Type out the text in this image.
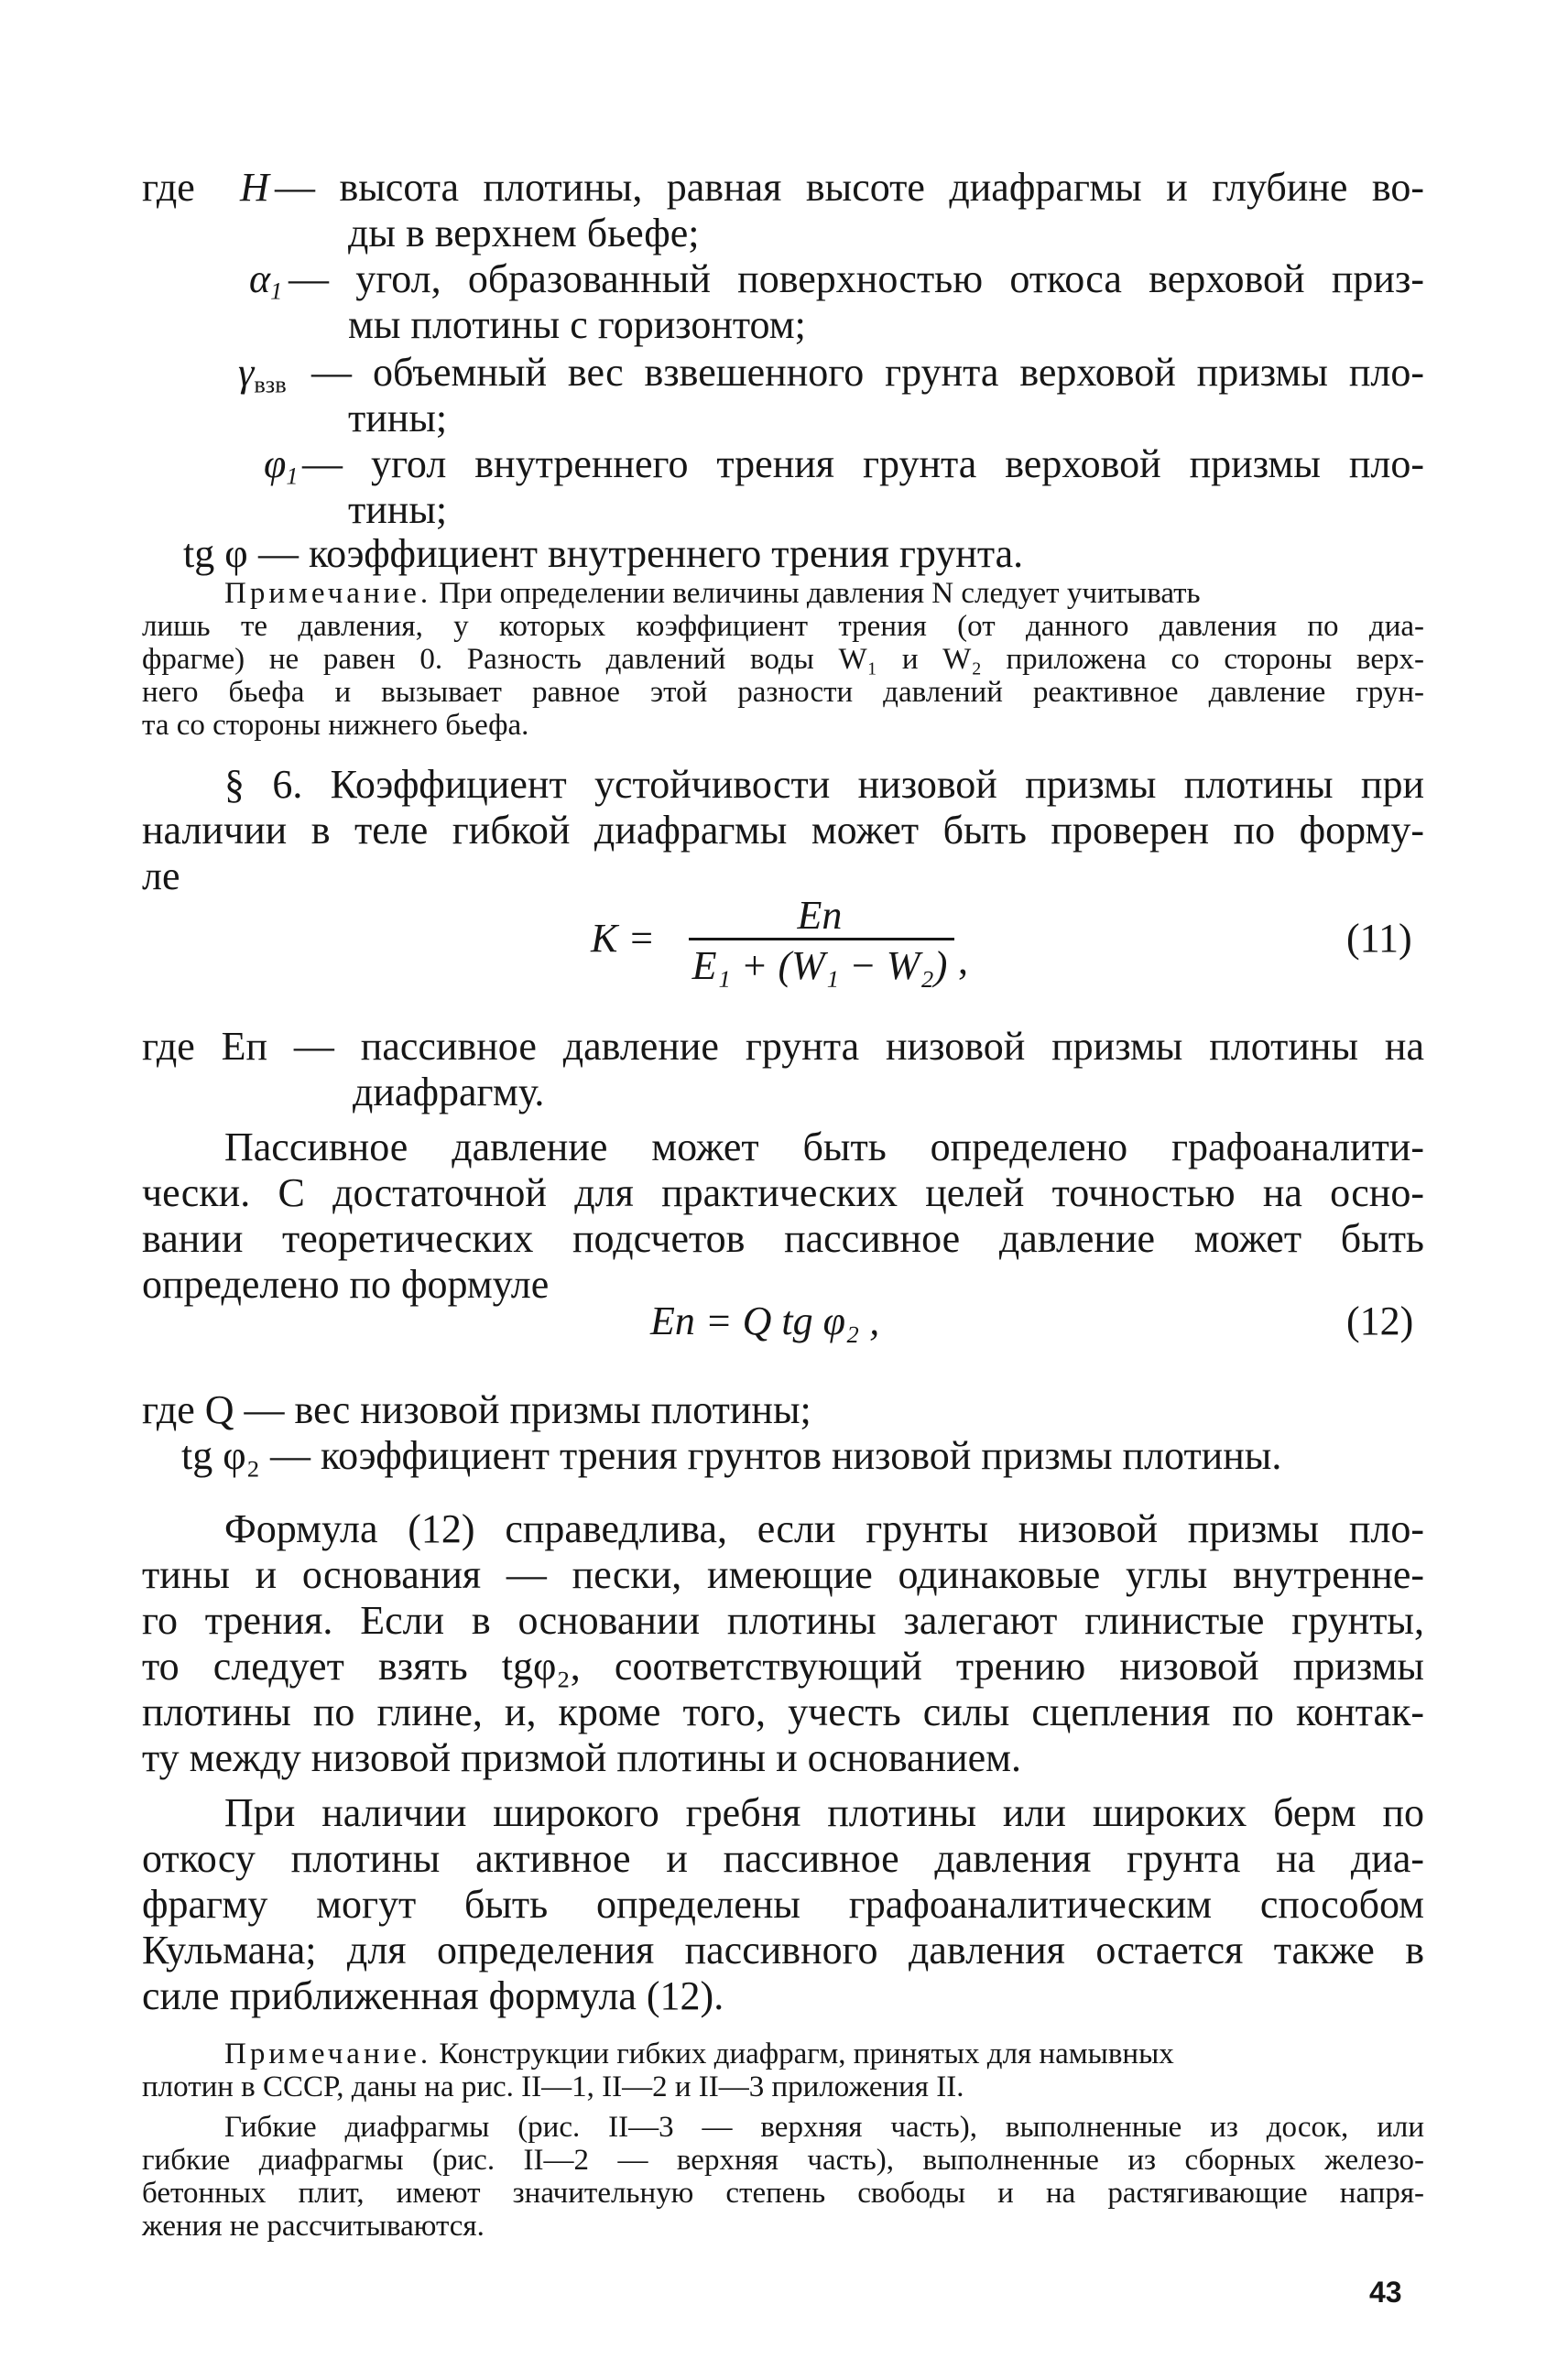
где H — высота плотины, равная высоте диафрагмы и глубине во-
ды в верхнем бьефе;
$\alpha_1$ — угол, образованный поверхностью откоса верховой приз-
мы плотины с горизонтом;
$\gamma_{взв}$ — объемный вес взвешенного грунта верховой призмы пло-
тины;
$\varphi_1$ — угол внутреннего трения грунта верховой призмы пло-
тины;
tg φ — коэффициент внутреннего трения грунта.
Примечание. При определении величины давления N следует учитывать
лишь те давления, у которых коэффициент трения (от данного давления по диа-
фрагме) не равен 0. Разность давлений воды W₁ и W₂ приложена со стороны верх-
него бьефа и вызывает равное этой разности давлений реактивное давление грун-
та со стороны нижнего бьефа.
§ 6. Коэффициент устойчивости низовой призмы плотины при
наличии в теле гибкой диафрагмы может быть проверен по форму-
ле
K =
Eп
E₁ + (W₁ − W₂) ,	(11)
где Eп — пассивное давление грунта низовой призмы плотины на
диафрагму.
Пассивное давление может быть определено графоаналити-
чески. С достаточной для практических целей точностью на осно-
вании теоретических подсчетов пассивное давление может быть
определено по формуле
Eп = Q tg φ₂ ,	(12)
где Q — вес низовой призмы плотины;
tg φ₂ — коэффициент трения грунтов низовой призмы плотины.
Формула (12) справедлива, если грунты низовой призмы пло-
тины и основания — пески, имеющие одинаковые углы внутренне-
го трения. Если в основании плотины залегают глинистые грунты,
то следует взять tgφ₂, соответствующий трению низовой призмы
плотины по глине, и, кроме того, учесть силы сцепления по контак-
ту между низовой призмой плотины и основанием.
При наличии широкого гребня плотины или широких берм по
откосу плотины активное и пассивное давления грунта на диа-
фрагму могут быть определены графоаналитическим способом
Кульмана; для определения пассивного давления остается также в
силе приближенная формула (12).
Примечание. Конструкции гибких диафрагм, принятых для намывных
плотин в СССР, даны на рис. II—1, II—2 и II—3 приложения II.
Гибкие диафрагмы (рис. II—3 — верхняя часть), выполненные из досок, или
гибкие диафрагмы (рис. II—2 — верхняя часть), выполненные из сборных железо-
бетонных плит, имеют значительную степень свободы и на растягивающие напря-
жения не рассчитываются.
43
